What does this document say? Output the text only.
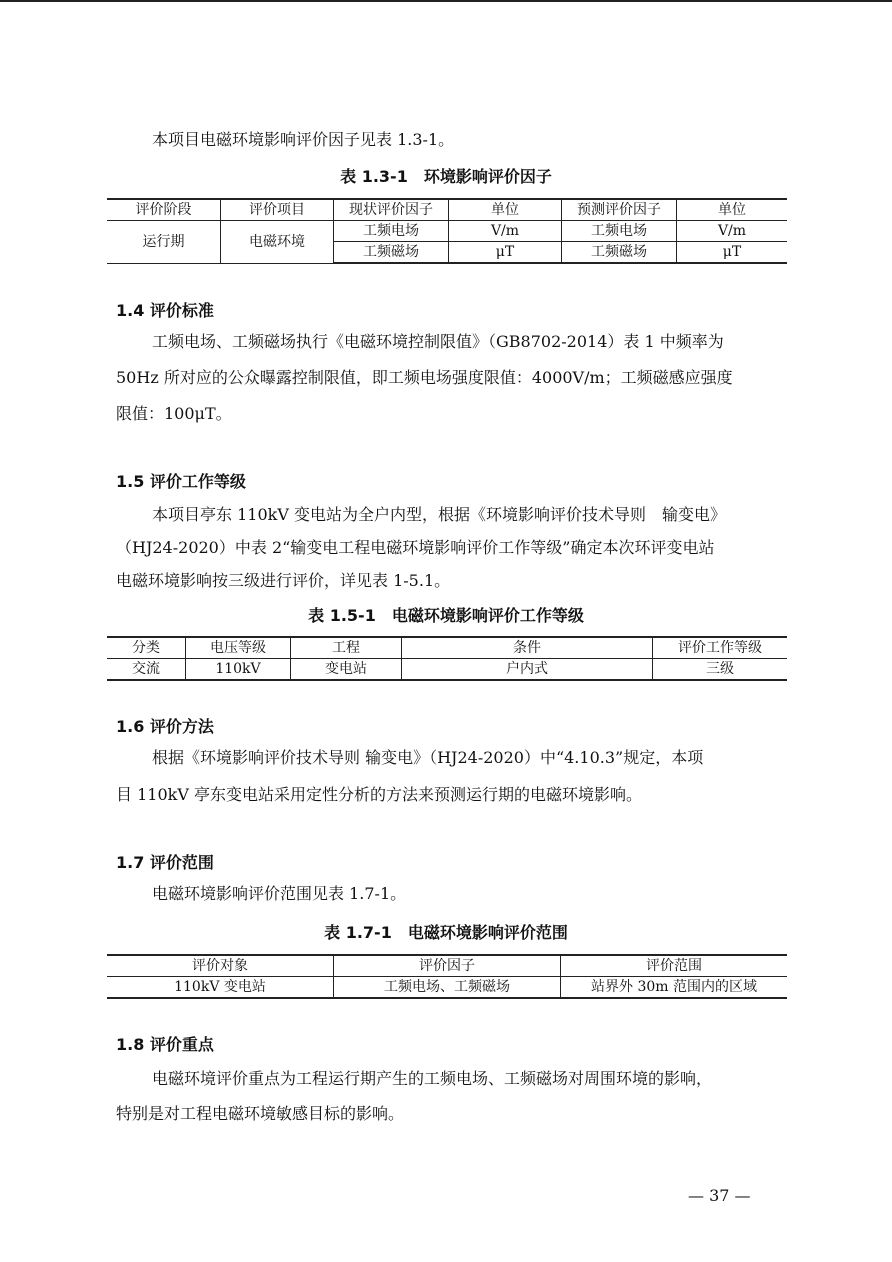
本项目电磁环境影响评价因子见表 1.3-1。

表 1.3-1　环境影响评价因子

评价阶段	评价项目	现状评价因子	单位	预测评价因子	单位
运行期	电磁环境	工频电场	V/m	工频电场	V/m
		工频磁场	μT	工频磁场	μT

1.4 评价标准

工频电场、工频磁场执行《电磁环境控制限值》（GB8702-2014）表 1 中频率为

50Hz 所对应的公众曝露控制限值，即工频电场强度限值：4000V/m；工频磁感应强度

限值：100μT。

1.5 评价工作等级

本项目亭东 110kV 变电站为全户内型，根据《环境影响评价技术导则　输变电》

（HJ24-2020）中表 2“输变电工程电磁环境影响评价工作等级”确定本次环评变电站

电磁环境影响按三级进行评价，详见表 1-5.1。

表 1.5-1　电磁环境影响评价工作等级

分类	电压等级	工程	条件	评价工作等级
交流	110kV	变电站	户内式	三级

1.6 评价方法

根据《环境影响评价技术导则 输变电》（HJ24-2020）中“4.10.3”规定，本项

目 110kV 亭东变电站采用定性分析的方法来预测运行期的电磁环境影响。

1.7 评价范围

电磁环境影响评价范围见表 1.7-1。

表 1.7-1　电磁环境影响评价范围

评价对象	评价因子	评价范围
110kV 变电站	工频电场、工频磁场	站界外 30m 范围内的区域

1.8 评价重点

电磁环境评价重点为工程运行期产生的工频电场、工频磁场对周围环境的影响，

特别是对工程电磁环境敏感目标的影响。

— 37 —
